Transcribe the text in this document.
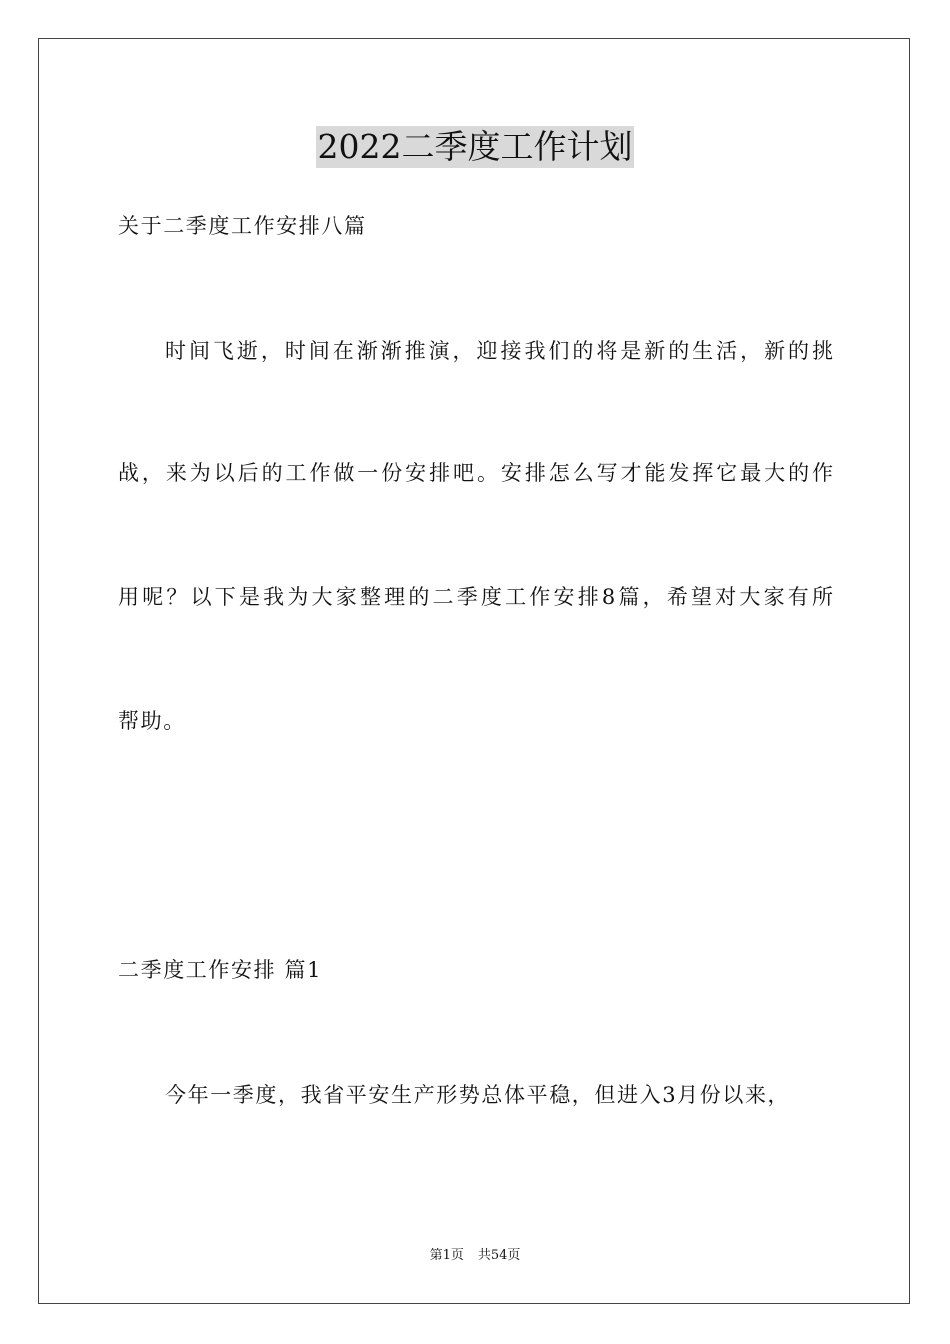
2022二季度工作计划
关于二季度工作安排八篇
时间飞逝，时间在渐渐推演，迎接我们的将是新的生活，新的挑
战，来为以后的工作做一份安排吧。安排怎么写才能发挥它最大的作
用呢？以下是我为大家整理的二季度工作安排8篇，希望对大家有所
帮助。
二季度工作安排 篇1
今年一季度，我省平安生产形势总体平稳，但进入3月份以来，
第1页 共54页
